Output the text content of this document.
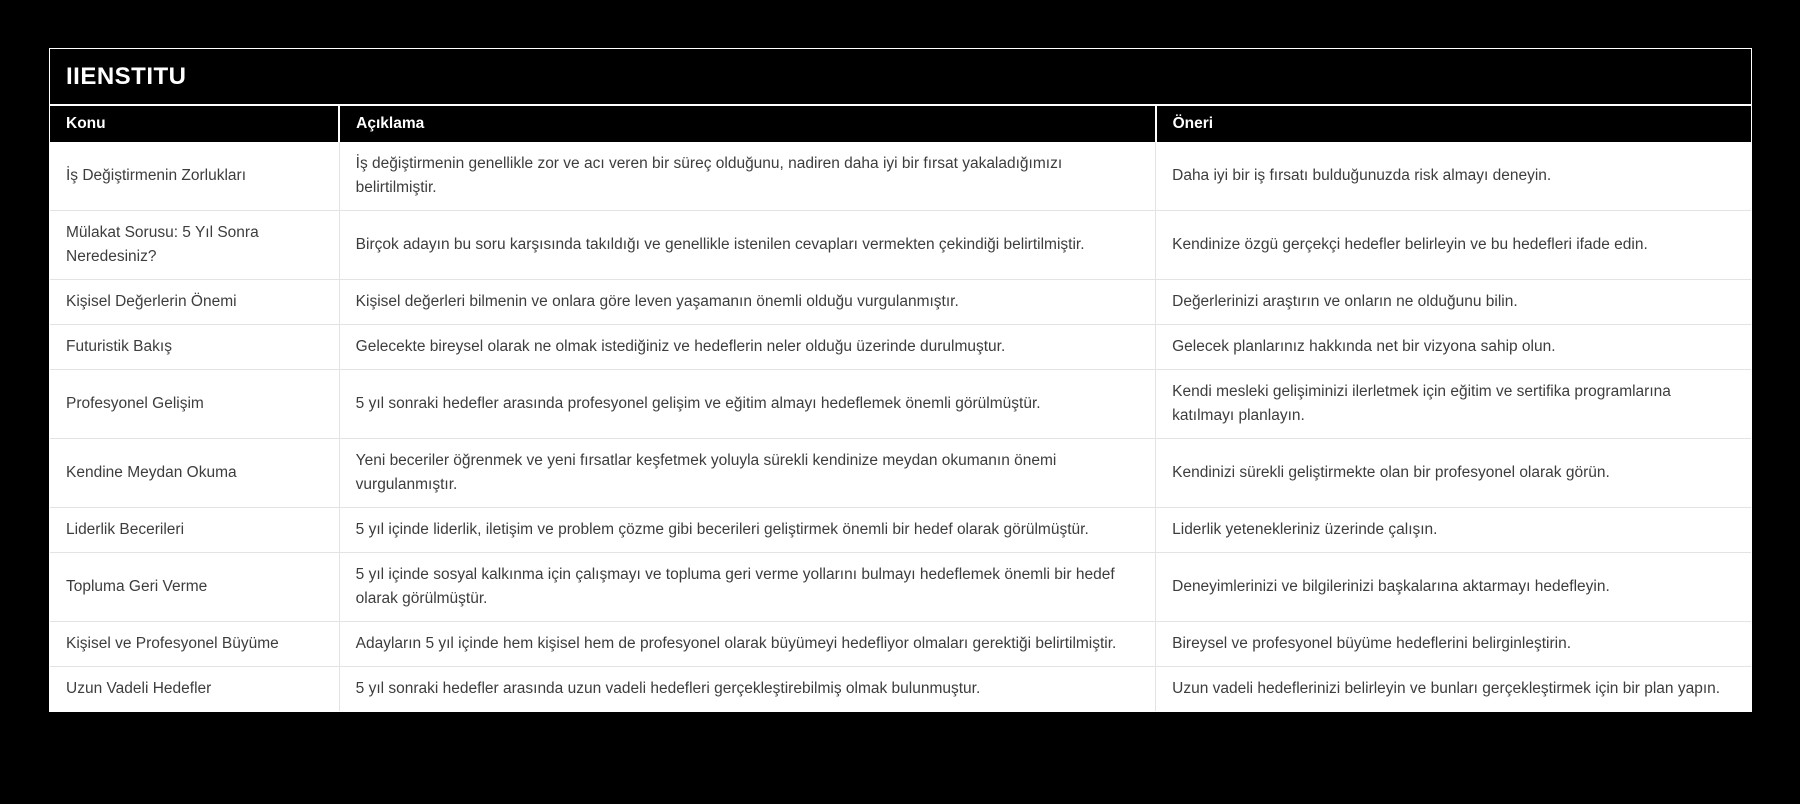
IIENSTITU
Konu	Açıklama	Öneri
İş Değiştirmenin Zorlukları	İş değiştirmenin genellikle zor ve acı veren bir süreç olduğunu, nadiren daha iyi bir fırsat yakaladığımızı belirtilmiştir.	Daha iyi bir iş fırsatı bulduğunuzda risk almayı deneyin.
Mülakat Sorusu: 5 Yıl Sonra Neredesiniz?	Birçok adayın bu soru karşısında takıldığı ve genellikle istenilen cevapları vermekten çekindiği belirtilmiştir.	Kendinize özgü gerçekçi hedefler belirleyin ve bu hedefleri ifade edin.
Kişisel Değerlerin Önemi	Kişisel değerleri bilmenin ve onlara göre leven yaşamanın önemli olduğu vurgulanmıştır.	Değerlerinizi araştırın ve onların ne olduğunu bilin.
Futuristik Bakış	Gelecekte bireysel olarak ne olmak istediğiniz ve hedeflerin neler olduğu üzerinde durulmuştur.	Gelecek planlarınız hakkında net bir vizyona sahip olun.
Profesyonel Gelişim	5 yıl sonraki hedefler arasında profesyonel gelişim ve eğitim almayı hedeflemek önemli görülmüştür.	Kendi mesleki gelişiminizi ilerletmek için eğitim ve sertifika programlarına katılmayı planlayın.
Kendine Meydan Okuma	Yeni beceriler öğrenmek ve yeni fırsatlar keşfetmek yoluyla sürekli kendinize meydan okumanın önemi vurgulanmıştır.	Kendinizi sürekli geliştirmekte olan bir profesyonel olarak görün.
Liderlik Becerileri	5 yıl içinde liderlik, iletişim ve problem çözme gibi becerileri geliştirmek önemli bir hedef olarak görülmüştür.	Liderlik yetenekleriniz üzerinde çalışın.
Topluma Geri Verme	5 yıl içinde sosyal kalkınma için çalışmayı ve topluma geri verme yollarını bulmayı hedeflemek önemli bir hedef olarak görülmüştür.	Deneyimlerinizi ve bilgilerinizi başkalarına aktarmayı hedefleyin.
Kişisel ve Profesyonel Büyüme	Adayların 5 yıl içinde hem kişisel hem de profesyonel olarak büyümeyi hedefliyor olmaları gerektiği belirtilmiştir.	Bireysel ve profesyonel büyüme hedeflerini belirginleştirin.
Uzun Vadeli Hedefler	5 yıl sonraki hedefler arasında uzun vadeli hedefleri gerçekleştirebilmiş olmak bulunmuştur.	Uzun vadeli hedeflerinizi belirleyin ve bunları gerçekleştirmek için bir plan yapın.
